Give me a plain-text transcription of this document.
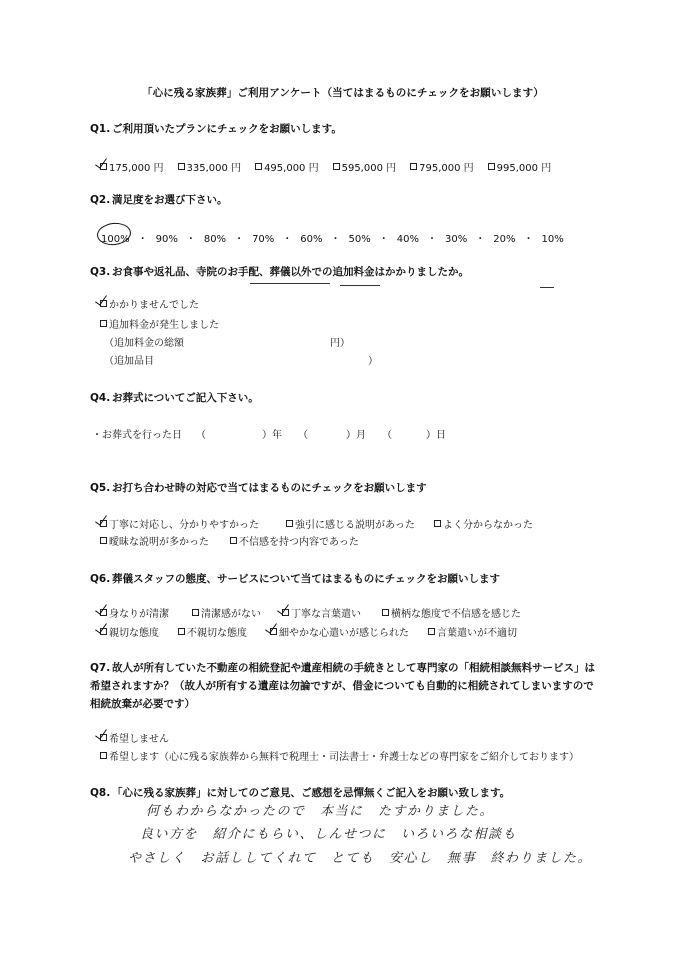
「心に残る家族葬」ご利用アンケート（当てはまるものにチェックをお願いします）
Q1. ご利用頂いたプランにチェックをお願いします。
175,000 円 335,000 円 495,000 円 595,000 円 795,000 円 995,000 円
Q2. 満足度をお選び下さい。
100% ・ 90% ・ 80% ・ 70% ・ 60% ・ 50% ・ 40% ・ 30% ・ 20% ・ 10%
Q3. お食事や返礼品、寺院のお手配、葬儀以外での追加料金はかかりましたか。
かかりませんでした
追加料金が発生しました
（追加料金の総額	円）
（追加品目	）
Q4. お葬式についてご記入下さい。
・お葬式を行った日 （	）年 （	）月 （	）日
Q5. お打ち合わせ時の対応で当てはまるものにチェックをお願いします
丁寧に対応し、分かりやすかった	強引に感じる説明があった	よく分からなかった
曖昧な説明が多かった	不信感を持つ内容であった
Q6. 葬儀スタッフの態度、サービスについて当てはまるものにチェックをお願いします
身なりが清潔	清潔感がない	丁寧な言葉遣い	横柄な態度で不信感を感じた
親切な態度	不親切な態度	細やかな心遣いが感じられた	言葉遣いが不適切
Q7. 故人が所有していた不動産の相続登記や遺産相続の手続きとして専門家の「相続相談無料サービス」は
希望されますか？（故人が所有する遺産は勿論ですが、借金についても自動的に相続されてしまいますので
相続放棄が必要です）
希望しません
希望します（心に残る家族葬から無料で税理士・司法書士・弁護士などの専門家をご紹介しております）
Q8. 「心に残る家族葬」に対してのご意見、ご感想を忌憚無くご記入をお願い致します。
何もわからなかったので　本当に　たすかりました。
良い方を　紹介にもらい、しんせつに　いろいろな相談も
やさしく　お話ししてくれて　とても　安心し　無事　終わりました。
